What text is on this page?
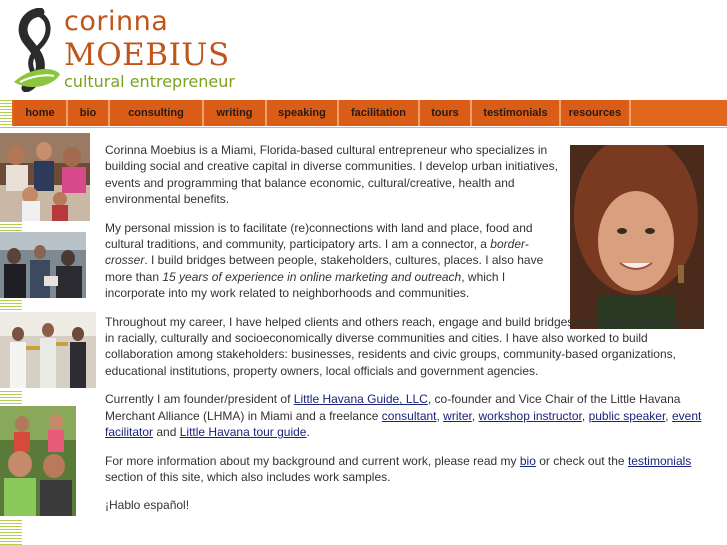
corinna
MOEBIUS
cultural entrepreneur
home	bio	consulting	writing	speaking	facilitation	tours	testimonials	resources

Corinna Moebius is a Miami, Florida-based cultural entrepreneur who specializes in building social and creative capital in diverse communities. I develop urban initiatives, events and programming that balance economic, cultural/creative, health and environmental benefits.

My personal mission is to facilitate (re)connections with land and place, food and cultural traditions, and community, participatory arts. I am a connector, a border-crosser. I build bridges between people, stakeholders, cultures, places. I also have more than 15 years of experience in online marketing and outreach, which I incorporate into my work related to neighborhoods and communities.

Throughout my career, I have helped clients and others reach, engage and build bridges and trust (social capital) in racially, culturally and socioeconomically diverse communities and cities. I have also worked to build collaboration among stakeholders: businesses, residents and civic groups, community-based organizations, educational institutions, property owners, local officials and government agencies.

Currently I am founder/president of Little Havana Guide, LLC, co-founder and Vice Chair of the Little Havana Merchant Alliance (LHMA) in Miami and a freelance consultant, writer, workshop instructor, public speaker, event facilitator and Little Havana tour guide.

For more information about my background and current work, please read my bio or check out the testimonials section of this site, which also includes work samples.

¡Hablo español!
